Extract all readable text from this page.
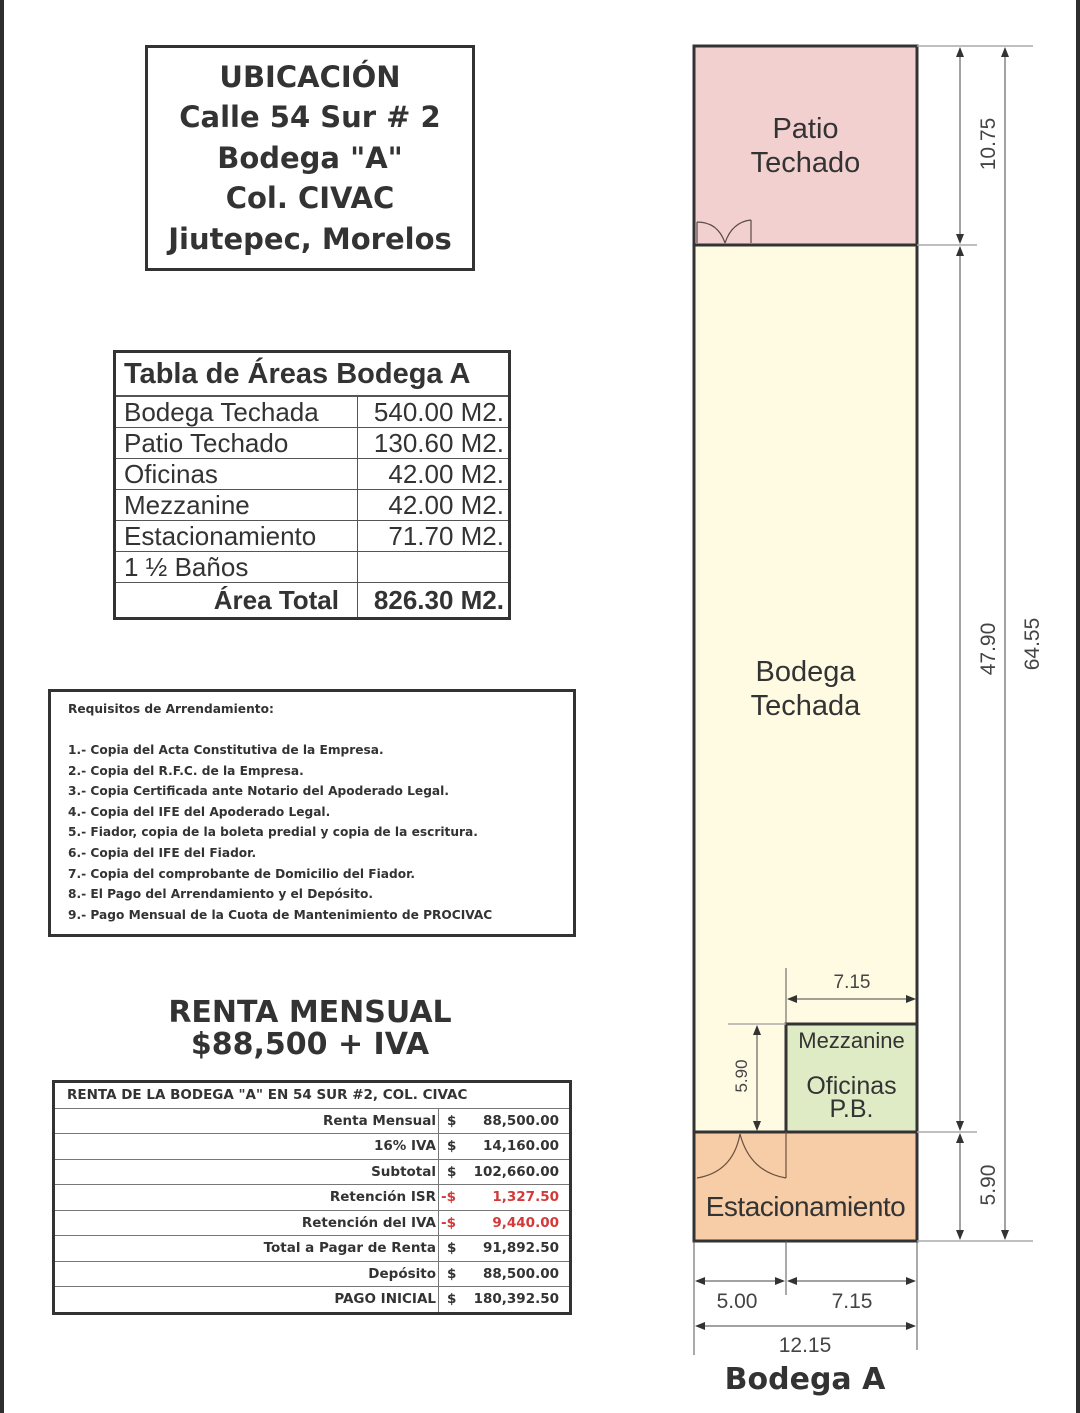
UBICACIÓN
Calle 54 Sur # 2
Bodega "A"
Col. CIVAC
Jiutepec, Morelos
Tabla de Áreas Bodega A	
Bodega Techada	540.00 M2.
Patio Techado	130.60 M2.
Oficinas	42.00 M2.
Mezzanine	42.00 M2.
Estacionamiento	71.70 M2.
1 ½ Baños	
Área Total	826.30 M2.
Requisitos de Arrendamiento:
1.- Copia del Acta Constitutiva de la Empresa.
2.- Copia del R.F.C. de la Empresa.
3.- Copia Certificada ante Notario del Apoderado Legal.
4.- Copia del IFE del Apoderado Legal.
5.- Fiador, copia de la boleta predial y copia de la escritura.
6.- Copia del IFE del Fiador.
7.- Copia del comprobante de Domicilio del Fiador.
8.- El Pago del Arrendamiento y el Depósito.
9.- Pago Mensual de la Cuota de Mantenimiento de PROCIVAC
RENTA MENSUAL
$88,500 + IVA
RENTA DE LA BODEGA "A" EN 54 SUR #2, COL. CIVAC	
Renta Mensual	$ 88,500.00

16% IVA	$ 14,160.00

Subtotal	$ 102,660.00

Retención ISR	-$ 1,327.50

Retención del IVA	-$ 9,440.00

Total a Pagar de Renta	$ 91,892.50

Depósito	$ 88,500.00

PAGO INICIAL	$ 180,392.50
Patio
Techado
Bodega
Techada
Mezzanine
Oficinas
P.B.
Estacionamiento
10.75
47.90 64.55
5.90
5.90
7.15
5.00	7.15
12.15
Bodega A
